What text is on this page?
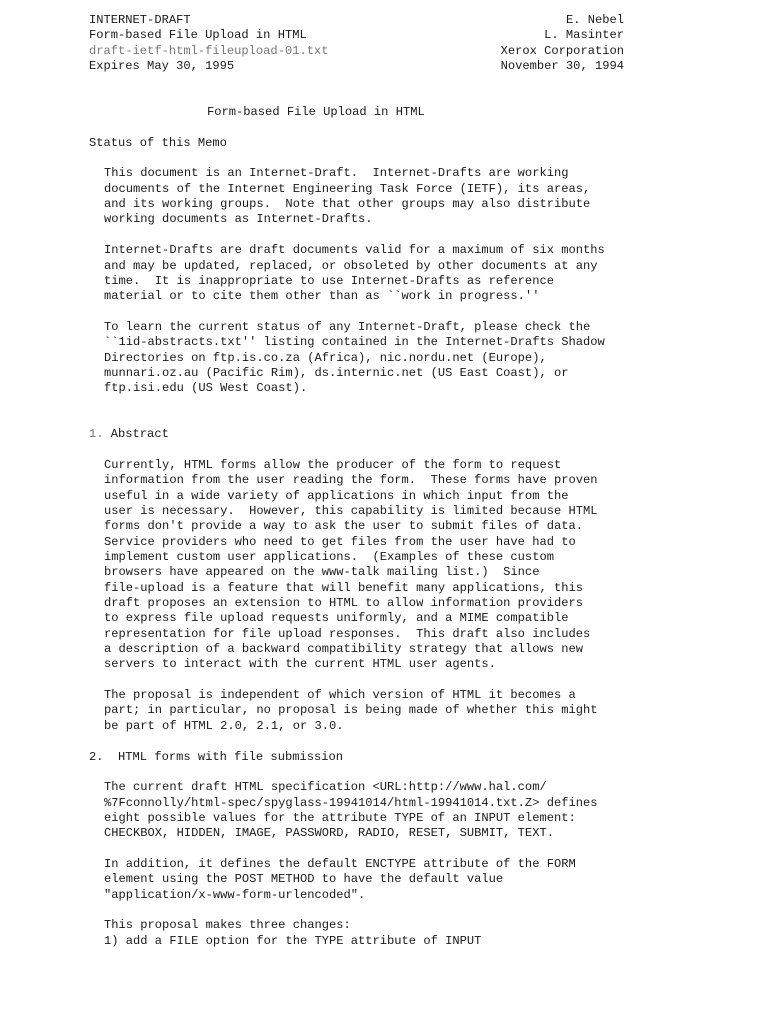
INTERNET-DRAFT	E. Nebel
Form-based File Upload in HTML	L. Masinter
draft-ietf-html-fileupload-01.txt	Xerox Corporation
Expires May 30, 1995	November 30, 1994
Form-based File Upload in HTML
Status of this Memo
This document is an Internet-Draft.  Internet-Drafts are working
documents of the Internet Engineering Task Force (IETF), its areas,
and its working groups.  Note that other groups may also distribute
working documents as Internet-Drafts.
Internet-Drafts are draft documents valid for a maximum of six months
and may be updated, replaced, or obsoleted by other documents at any
time.  It is inappropriate to use Internet-Drafts as reference
material or to cite them other than as ``work in progress.''
To learn the current status of any Internet-Draft, please check the
``1id-abstracts.txt'' listing contained in the Internet-Drafts Shadow
Directories on ftp.is.co.za (Africa), nic.nordu.net (Europe),
munnari.oz.au (Pacific Rim), ds.internic.net (US East Coast), or
ftp.isi.edu (US West Coast).
1. Abstract
Currently, HTML forms allow the producer of the form to request
information from the user reading the form.  These forms have proven
useful in a wide variety of applications in which input from the
user is necessary.  However, this capability is limited because HTML
forms don't provide a way to ask the user to submit files of data.
Service providers who need to get files from the user have had to
implement custom user applications.  (Examples of these custom
browsers have appeared on the www-talk mailing list.)  Since
file-upload is a feature that will benefit many applications, this
draft proposes an extension to HTML to allow information providers
to express file upload requests uniformly, and a MIME compatible
representation for file upload responses.  This draft also includes
a description of a backward compatibility strategy that allows new
servers to interact with the current HTML user agents.
The proposal is independent of which version of HTML it becomes a
part; in particular, no proposal is being made of whether this might
be part of HTML 2.0, 2.1, or 3.0.
2.  HTML forms with file submission
The current draft HTML specification <URL:http://www.hal.com/
%7Fconnolly/html-spec/spyglass-19941014/html-19941014.txt.Z> defines
eight possible values for the attribute TYPE of an INPUT element:
CHECKBOX, HIDDEN, IMAGE, PASSWORD, RADIO, RESET, SUBMIT, TEXT.
In addition, it defines the default ENCTYPE attribute of the FORM
element using the POST METHOD to have the default value
"application/x-www-form-urlencoded".
This proposal makes three changes:
1) add a FILE option for the TYPE attribute of INPUT
